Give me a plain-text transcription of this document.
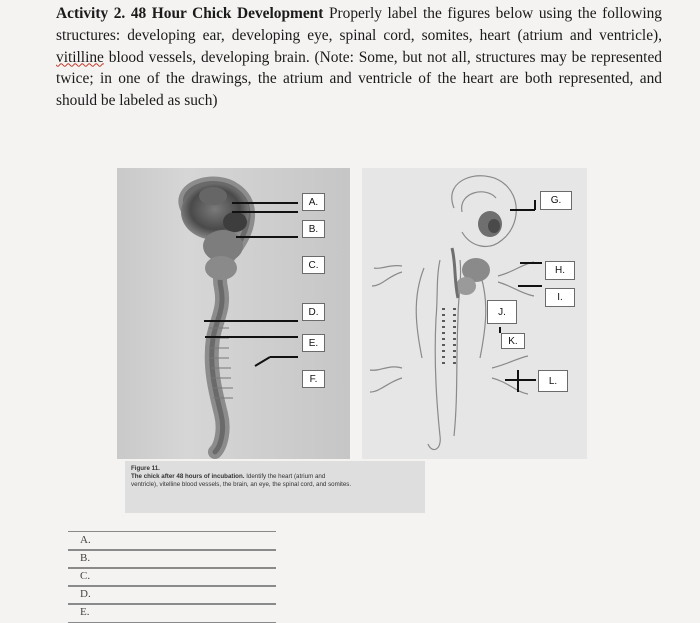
Activity 2. 48 Hour Chick Development Properly label the figures below using the following structures: developing ear, developing eye, spinal cord, somites, heart (atrium and ventricle), vitilline blood vessels, developing brain. (Note: Some, but not all, structures may be represented twice; in one of the drawings, the atrium and ventricle of the heart are both represented, and should be labeled as such)

A.
B.
C.
D.
E.
F.
G.
H.
I.
J.
K.
L.
Figure 11.
The chick after 48 hours of incubation. Identify the heart (atrium and
ventricle), vitelline blood vessels, the brain, an eye, the spinal cord, and somites.
A.
B.
C.
D.
E.
